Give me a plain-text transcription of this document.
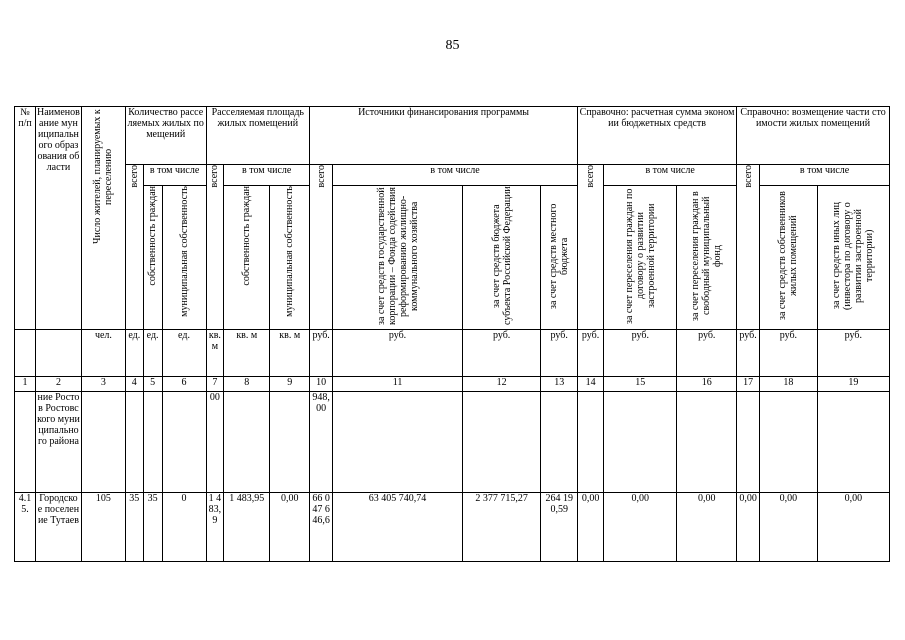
85
№ п/п	Наименование муниципального образования области	Число жителей, планируемых к переселению	Количество расселяемых жилых помещений			Расселяемая площадь жилых помещений			Источники финансирования программы				Справочно: расчетная сумма экономии бюджетных средств			Справочно: возмещение части стоимости жилых помещений		
			всего	в том числе		всего	в том числе		всего	в том числе			всего	в том числе		всего	в том числе	
				собственность граждан	муниципальная собственность		собственность граждан	муниципальная собственность		за счет средств государственной корпорации – Фонда содействия реформированию жилищно-коммунального хозяйства	за счет средств бюджета субъекта Российской Федерации	за счет средств местного бюджета		за счет переселения граждан по договору о развитии застроенной территории	за счет переселения граждан в свободный муниципальный фонд		за счет средств собственников жилых помещений	за счет средств иных лиц (инвестора по договору о развитии застроенной территории)
		чел.	ед.	ед.	ед.	кв.м	кв. м	кв. м	руб.	руб.	руб.	руб.	руб.	руб.	руб.	руб.	руб.	руб.
1	2	3	4	5	6	7	8	9	10	11	12	13	14	15	16	17	18	19
	ние Ростов Ростовского муниципального района					00			948,00									
4.15.	Городское поселение Тутаев	105	35	35	0	1 483,9	1 483,95	0,00	66 047 646,6	63 405 740,74	2 377 715,27	264 190,59	0,00	0,00	0,00	0,00	0,00	0,00
